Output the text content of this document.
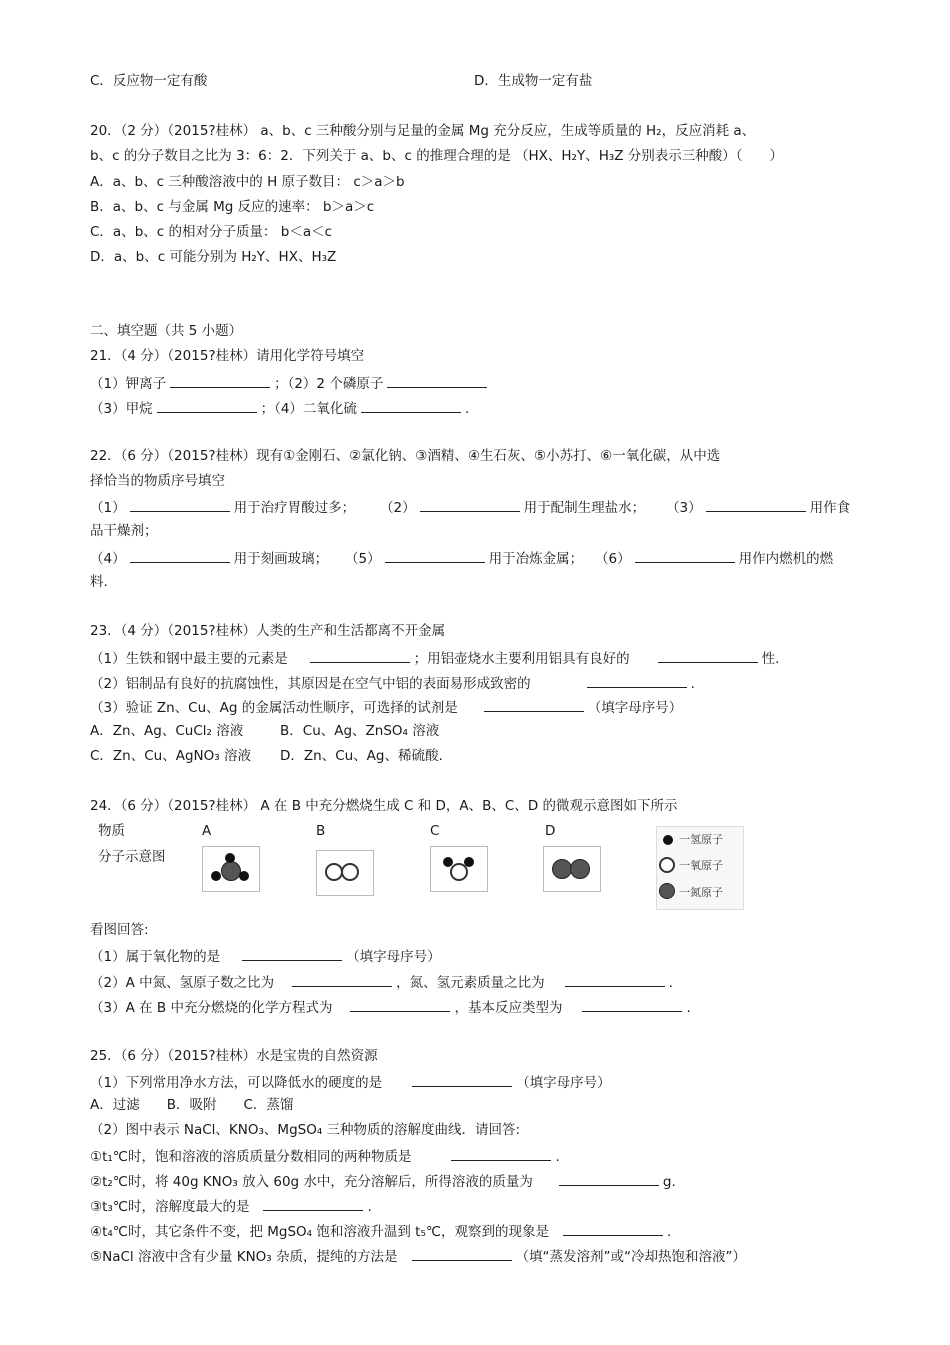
C．反应物一定有酸	D．生成物一定有盐
20．（2 分）（2015?桂林） a、b、c 三种酸分别与足量的金属 Mg 充分反应，生成等质量的 H₂，反应消耗 a、
b、c 的分子数目之比为 3：6：2．下列关于 a、b、c 的推理合理的是 （HX、H₂Y、H₃Z 分别表示三种酸）（　　）
A．a、b、c 三种酸溶液中的 H 原子数目： c＞a＞b
B．a、b、c 与金属 Mg 反应的速率： b＞a＞c
C．a、b、c 的相对分子质量： b＜a＜c
D．a、b、c 可能分别为 H₂Y、HX、H₃Z
二、填空题（共 5 小题）
21．（4 分）（2015?桂林）请用化学符号填空
（1）钾离子	；（2）2 个磷原子
（3）甲烷	；（4）二氧化硫	.
22．（6 分）（2015?桂林）现有①金刚石、②氯化钠、③酒精、④生石灰、⑤小苏打、⑥一氧化碳，从中选
择恰当的物质序号填空
（1）	用于治疗胃酸过多； （2）	用于配制生理盐水； （3）	用作食
品干燥剂；
（4）	用于刻画玻璃； （5）	用于冶炼金属； （6）	用作内燃机的燃
料.
23．（4 分）（2015?桂林）人类的生产和生活都离不开金属
（1）生铁和钢中最主要的元素是	；用铝壶烧水主要利用铝具有良好的	性.
（2）铝制品有良好的抗腐蚀性，其原因是在空气中铝的表面易形成致密的	.
（3）验证 Zn、Cu、Ag 的金属活动性顺序，可选择的试剂是	（填字母序号）
A．Zn、Ag、CuCl₂ 溶液	B．Cu、Ag、ZnSO₄ 溶液
C．Zn、Cu、AgNO₃ 溶液 D．Zn、Cu、Ag、稀硫酸.
24．（6 分）（2015?桂林） A 在 B 中充分燃烧生成 C 和 D，A、B、C、D 的微观示意图如下所示
物质	A	B	C	D
分子示意图
一氢原子
一氧原子
一氮原子
看图回答:
（1）属于氧化物的是	（填字母序号）
（2）A 中氮、氢原子数之比为	，氮、氢元素质量之比为	.
（3）A 在 B 中充分燃烧的化学方程式为	，基本反应类型为	.
25．（6 分）（2015?桂林）水是宝贵的自然资源
（1）下列常用净水方法，可以降低水的硬度的是	（填字母序号）
A．过滤　　B．吸附　　C．蒸馏
（2）图中表示 NaCl、KNO₃、MgSO₄ 三种物质的溶解度曲线．请回答:
①t₁℃时，饱和溶液的溶质质量分数相同的两种物质是	.
②t₂℃时，将 40g KNO₃ 放入 60g 水中，充分溶解后，所得溶液的质量为	g.
③t₃℃时，溶解度最大的是	.
④t₄℃时，其它条件不变，把 MgSO₄ 饱和溶液升温到 t₅℃，观察到的现象是	.
⑤NaCl 溶液中含有少量 KNO₃ 杂质，提纯的方法是	（填“蒸发溶剂”或“冷却热饱和溶液”）
